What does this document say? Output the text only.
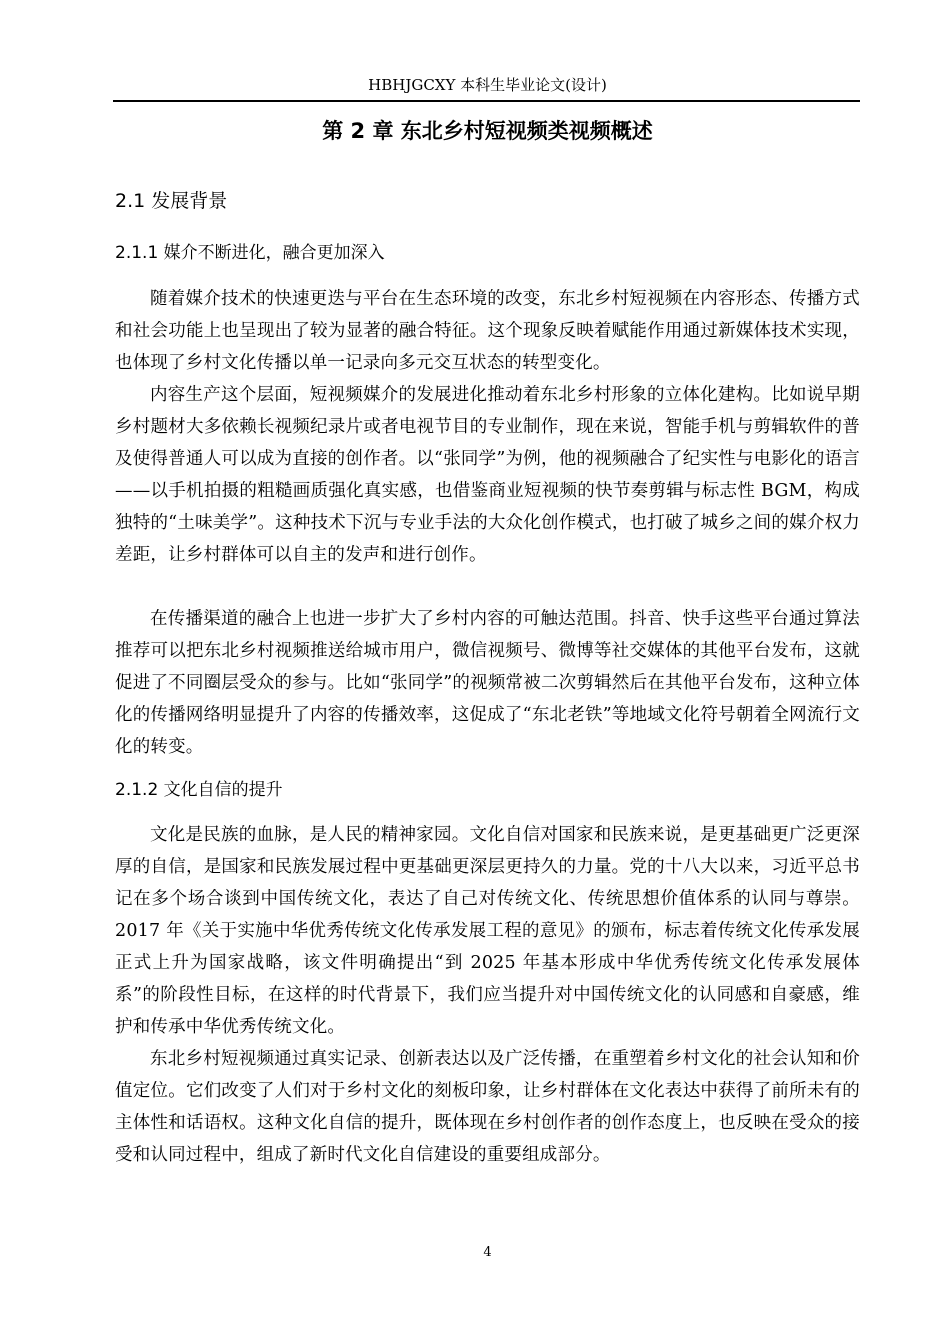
HBHJGCXY 本科生毕业论文(设计)
第 2 章 东北乡村短视频类视频概述
2.1 发展背景
2.1.1 媒介不断进化，融合更加深入

随着媒介技术的快速更迭与平台在生态环境的改变，东北乡村短视频在内容形态、传播方式和社会功能上也呈现出了较为显著的融合特征。这个现象反映着赋能作用通过新媒体技术实现，也体现了乡村文化传播以单一记录向多元交互状态的转型变化。

内容生产这个层面，短视频媒介的发展进化推动着东北乡村形象的立体化建构。比如说早期乡村题材大多依赖长视频纪录片或者电视节目的专业制作，现在来说，智能手机与剪辑软件的普及使得普通人可以成为直接的创作者。以“张同学”为例，他的视频融合了纪实性与电影化的语言——以手机拍摄的粗糙画质强化真实感，也借鉴商业短视频的快节奏剪辑与标志性 BGM，构成独特的“土味美学”。这种技术下沉与专业手法的大众化创作模式，也打破了城乡之间的媒介权力差距，让乡村群体可以自主的发声和进行创作。

在传播渠道的融合上也进一步扩大了乡村内容的可触达范围。抖音、快手这些平台通过算法推荐可以把东北乡村视频推送给城市用户，微信视频号、微博等社交媒体的其他平台发布，这就促进了不同圈层受众的参与。比如“张同学”的视频常被二次剪辑然后在其他平台发布，这种立体化的传播网络明显提升了内容的传播效率，这促成了“东北老铁”等地域文化符号朝着全网流行文化的转变。

2.1.2 文化自信的提升

文化是民族的血脉，是人民的精神家园。文化自信对国家和民族来说，是更基础更广泛更深厚的自信，是国家和民族发展过程中更基础更深层更持久的力量。党的十八大以来，习近平总书记在多个场合谈到中国传统文化，表达了自己对传统文化、传统思想价值体系的认同与尊崇。2017 年《关于实施中华优秀传统文化传承发展工程的意见》的颁布，标志着传统文化传承发展正式上升为国家战略，该文件明确提出“到 2025 年基本形成中华优秀传统文化传承发展体系”的阶段性目标，在这样的时代背景下，我们应当提升对中国传统文化的认同感和自豪感，维护和传承中华优秀传统文化。

东北乡村短视频通过真实记录、创新表达以及广泛传播，在重塑着乡村文化的社会认知和价值定位。它们改变了人们对于乡村文化的刻板印象，让乡村群体在文化表达中获得了前所未有的主体性和话语权。这种文化自信的提升，既体现在乡村创作者的创作态度上，也反映在受众的接受和认同过程中，组成了新时代文化自信建设的重要组成部分。

4
